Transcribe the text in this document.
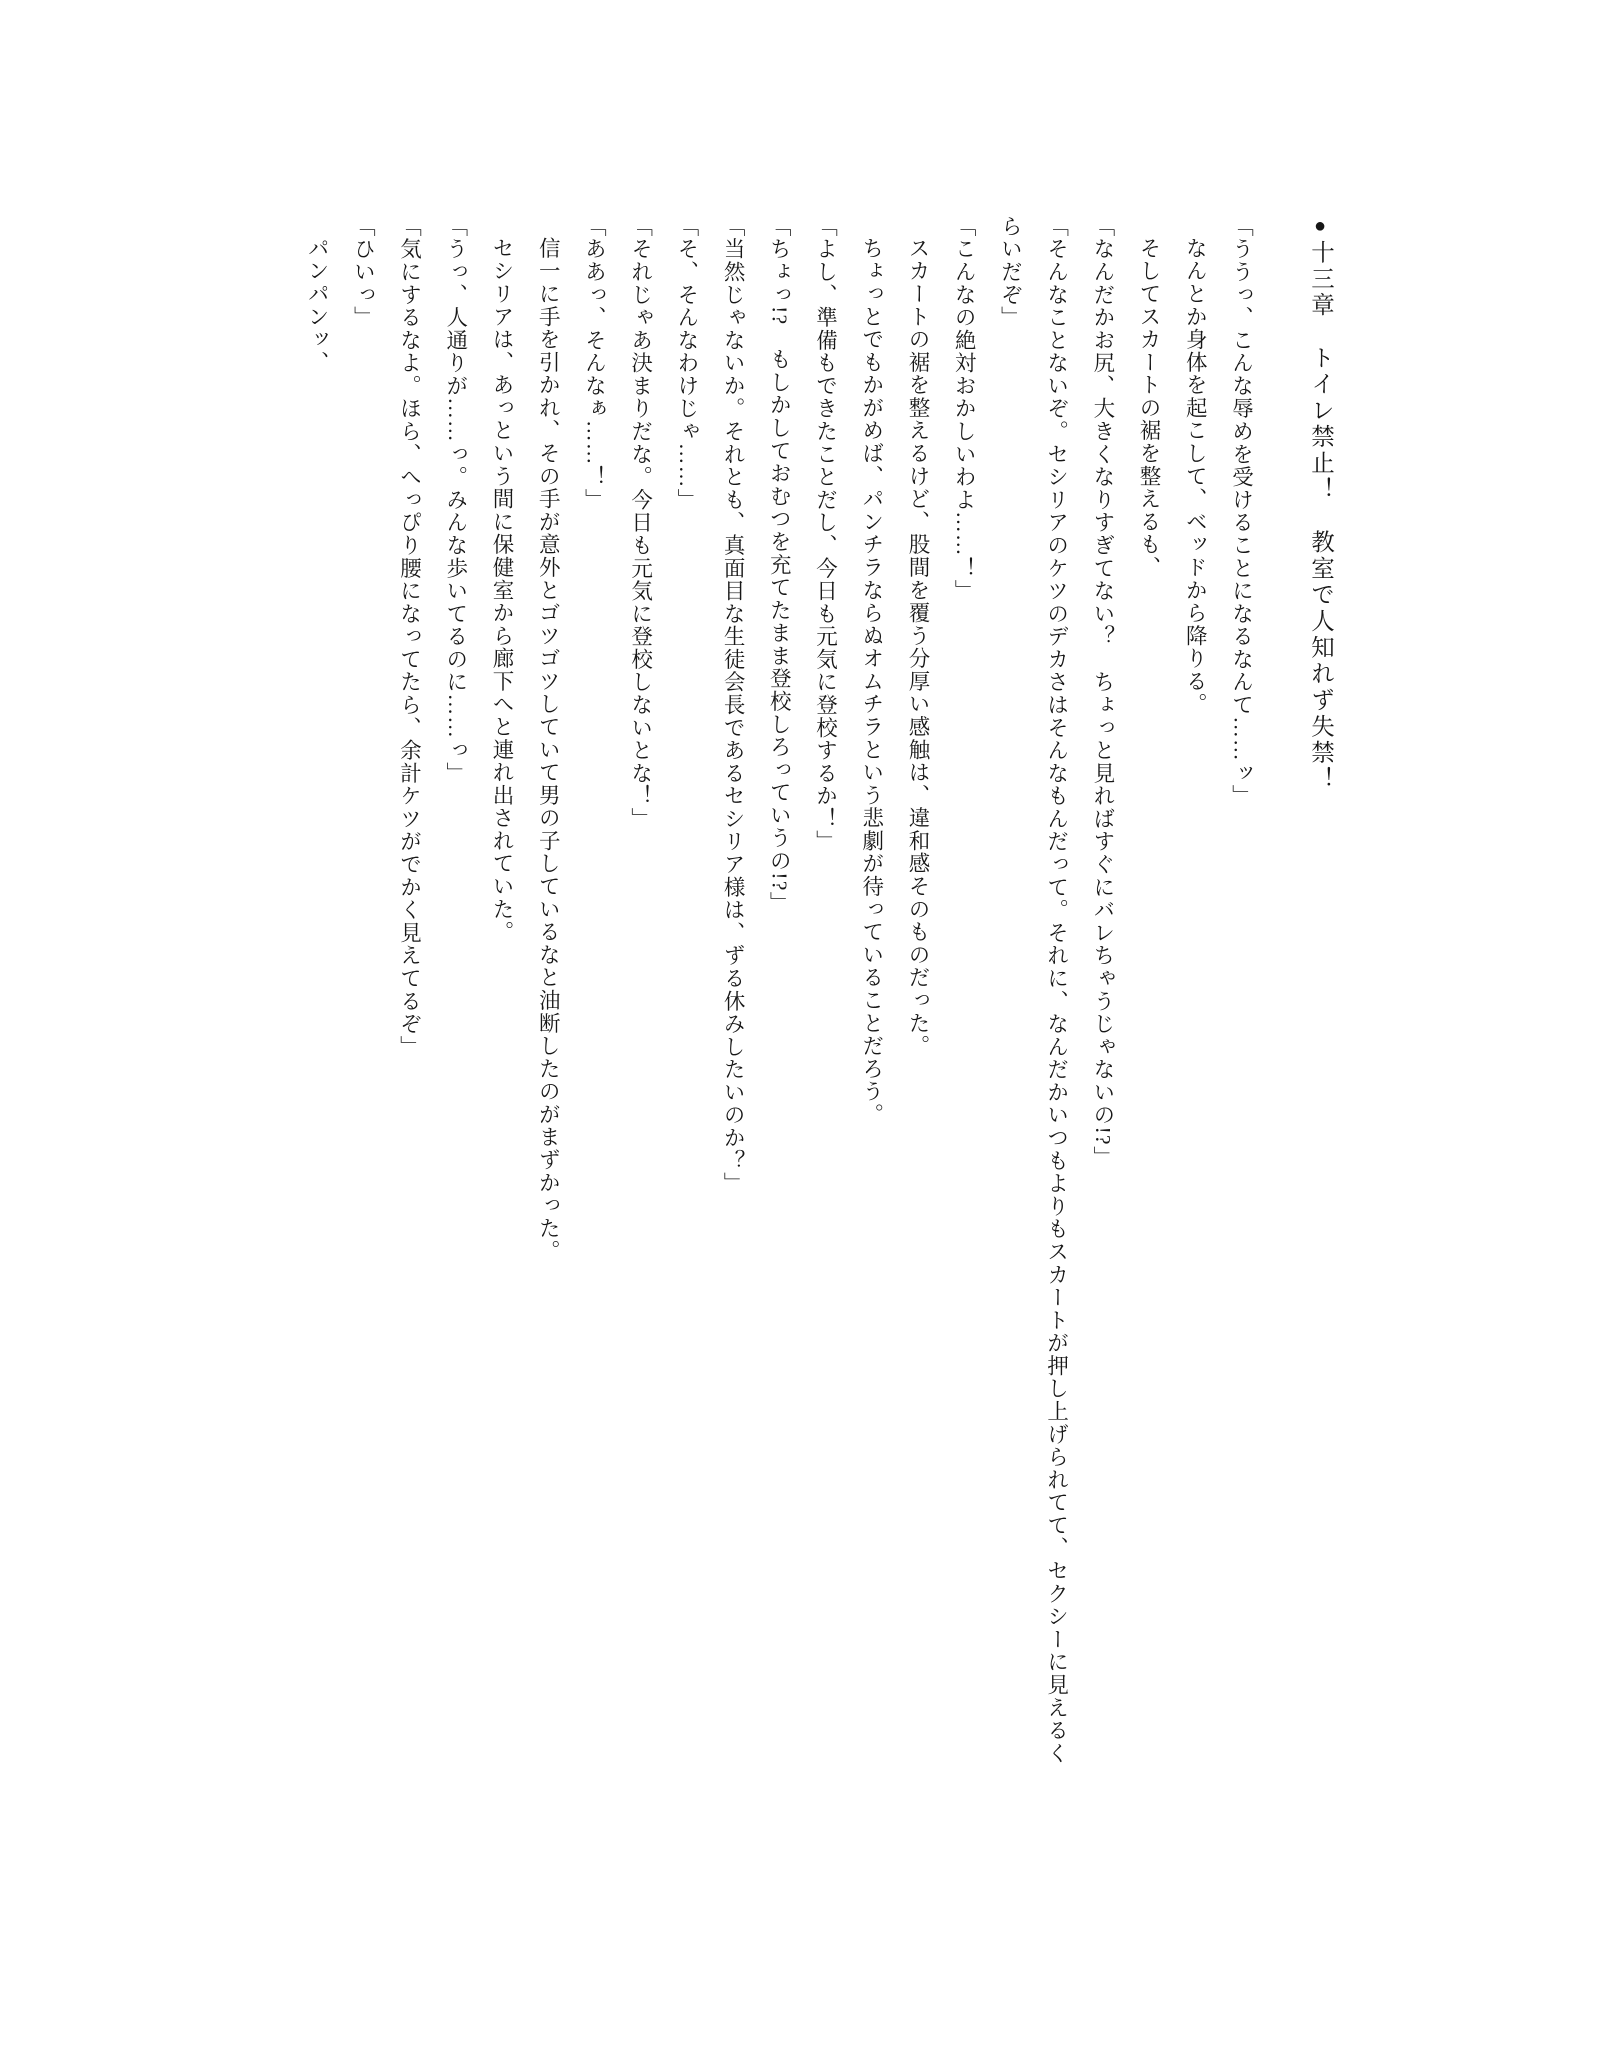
●十三章　トイレ禁止！　教室で人知れず失禁！
「ううっ、こんな辱めを受けることになるなんて……ッ」
なんとか身体を起こして、ベッドから降りる。
そしてスカートの裾を整えるも、
「なんだかお尻、大きくなりすぎてない？　ちょっと見ればすぐにバレちゃうじゃないの!?」
「そんなことないぞ。セシリアのケツのデカさはそんなもんだって。それに、なんだかいつもよりもスカートが押し上げられてて、セクシーに見えるくらいだぞ」
「こんなの絶対おかしいわよ……！」
スカートの裾を整えるけど、股間を覆う分厚い感触は、違和感そのものだった。
ちょっとでもかがめば、パンチラならぬオムチラという悲劇が待っていることだろう。
「よし、準備もできたことだし、今日も元気に登校するか！」
「ちょっ!?　もしかしておむつを充てたまま登校しろっていうの!?」
「当然じゃないか。それとも、真面目な生徒会長であるセシリア様は、ずる休みしたいのか？」
「そ、そんなわけじゃ……」
「それじゃあ決まりだな。今日も元気に登校しないとな！」
「ああっ、そんなぁ……！」
信一に手を引かれ、その手が意外とゴツゴツしていて男の子しているなと油断したのがまずかった。
セシリアは、あっという間に保健室から廊下へと連れ出されていた。
「うっ、人通りが……っ。みんな歩いてるのに……っ」
「気にするなよ。ほら、へっぴり腰になってたら、余計ケツがでかく見えてるぞ」
「ひいっ」
パンパンッ、
